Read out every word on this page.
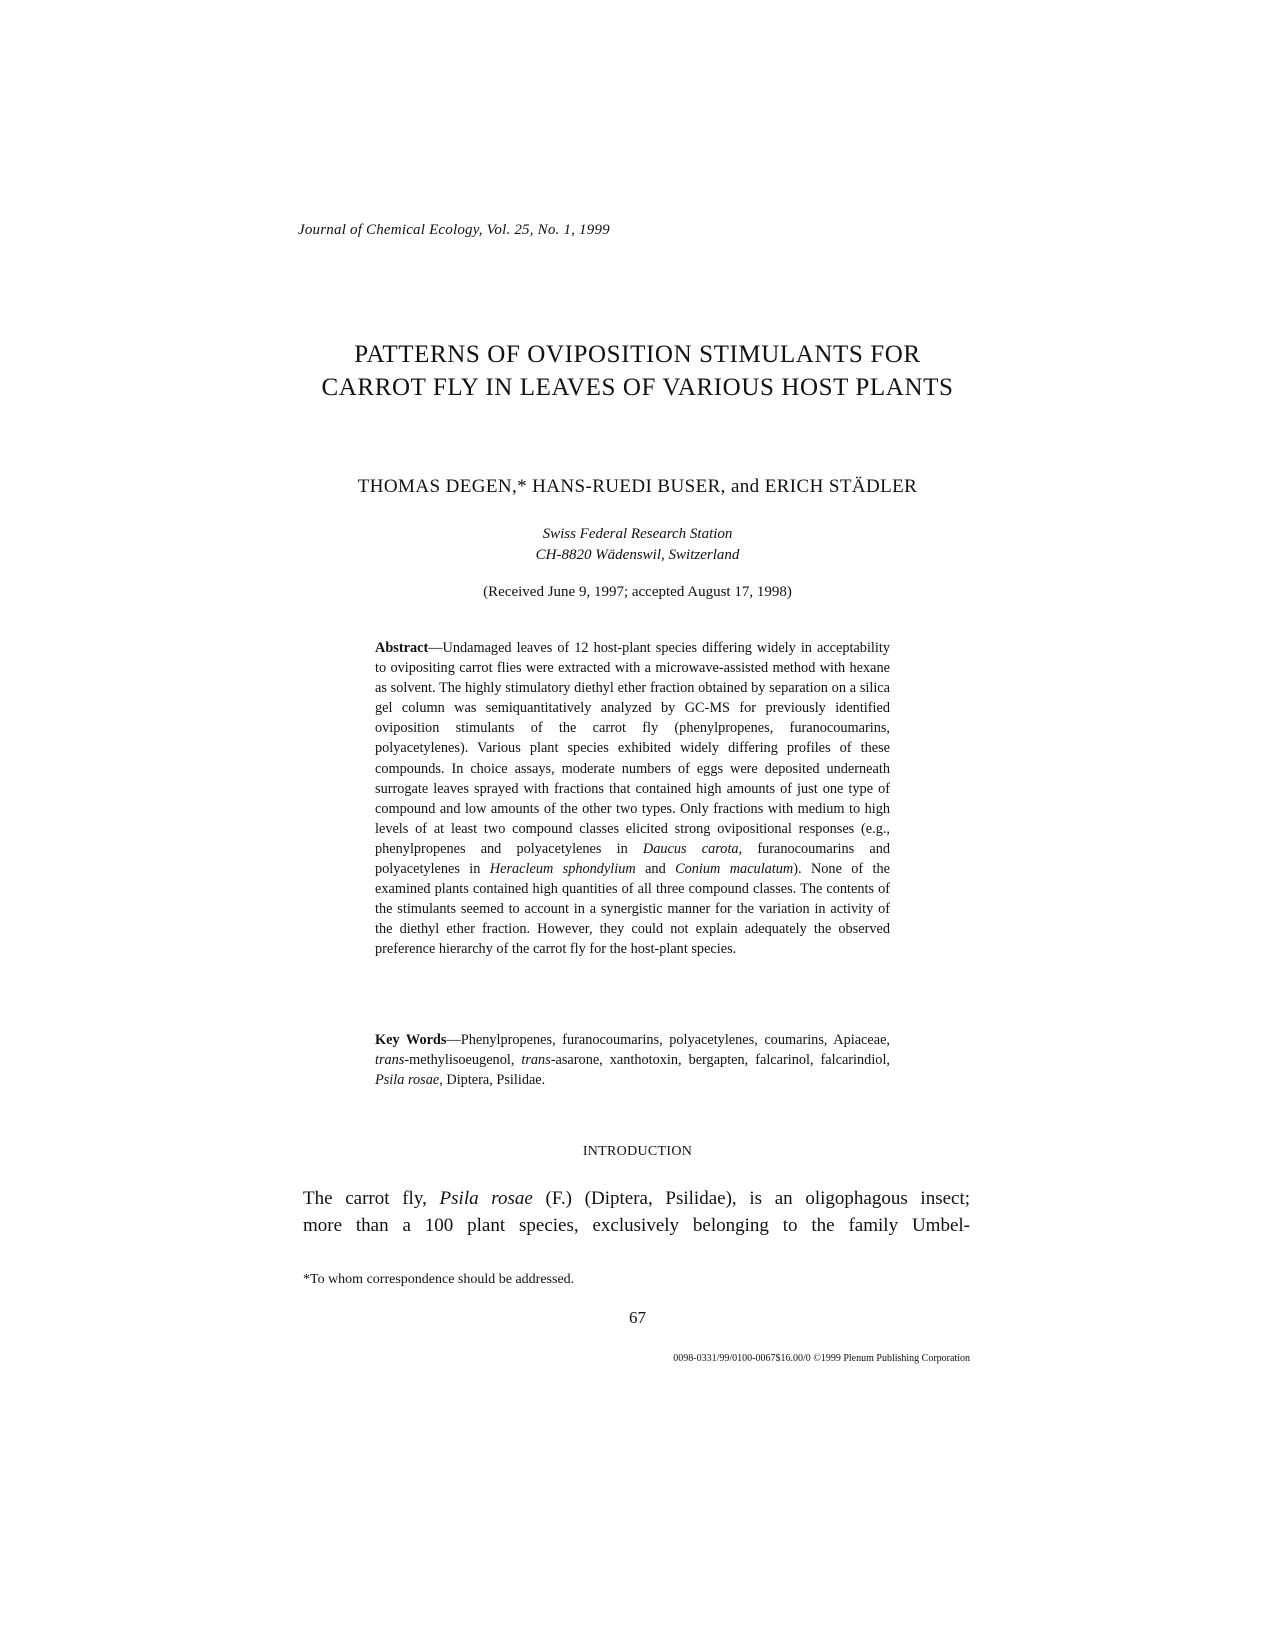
Journal of Chemical Ecology, Vol. 25, No. 1, 1999
PATTERNS OF OVIPOSITION STIMULANTS FOR
CARROT FLY IN LEAVES OF VARIOUS HOST PLANTS
THOMAS DEGEN,* HANS-RUEDI BUSER, and ERICH STÄDLER
Swiss Federal Research Station
CH-8820 Wädenswil, Switzerland
(Received June 9, 1997; accepted August 17, 1998)
Abstract—Undamaged leaves of 12 host-plant species differing widely in acceptability to ovipositing carrot flies were extracted with a microwave-assisted method with hexane as solvent. The highly stimulatory diethyl ether fraction obtained by separation on a silica gel column was semiquantitatively analyzed by GC-MS for previously identified oviposition stimulants of the carrot fly (phenylpropenes, furanocoumarins, polyacetylenes). Various plant species exhibited widely differing profiles of these compounds. In choice assays, moderate numbers of eggs were deposited underneath surrogate leaves sprayed with fractions that contained high amounts of just one type of compound and low amounts of the other two types. Only fractions with medium to high levels of at least two compound classes elicited strong ovipositional responses (e.g., phenylpropenes and polyacetylenes in Daucus carota, furanocoumarins and polyacetylenes in Heracleum sphondylium and Conium maculatum). None of the examined plants contained high quantities of all three compound classes. The contents of the stimulants seemed to account in a synergistic manner for the variation in activity of the diethyl ether fraction. However, they could not explain adequately the observed preference hierarchy of the carrot fly for the host-plant species.
Key Words—Phenylpropenes, furanocoumarins, polyacetylenes, coumarins, Apiaceae, trans-methylisoeugenol, trans-asarone, xanthotoxin, bergapten, falcarinol, falcarindiol, Psila rosae, Diptera, Psilidae.
INTRODUCTION
The carrot fly, Psila rosae (F.) (Diptera, Psilidae), is an oligophagous insect;
more than a 100 plant species, exclusively belonging to the family Umbel-
*To whom correspondence should be addressed.
67
0098-0331/99/0100-0067$16.00/0 ©1999 Plenum Publishing Corporation
